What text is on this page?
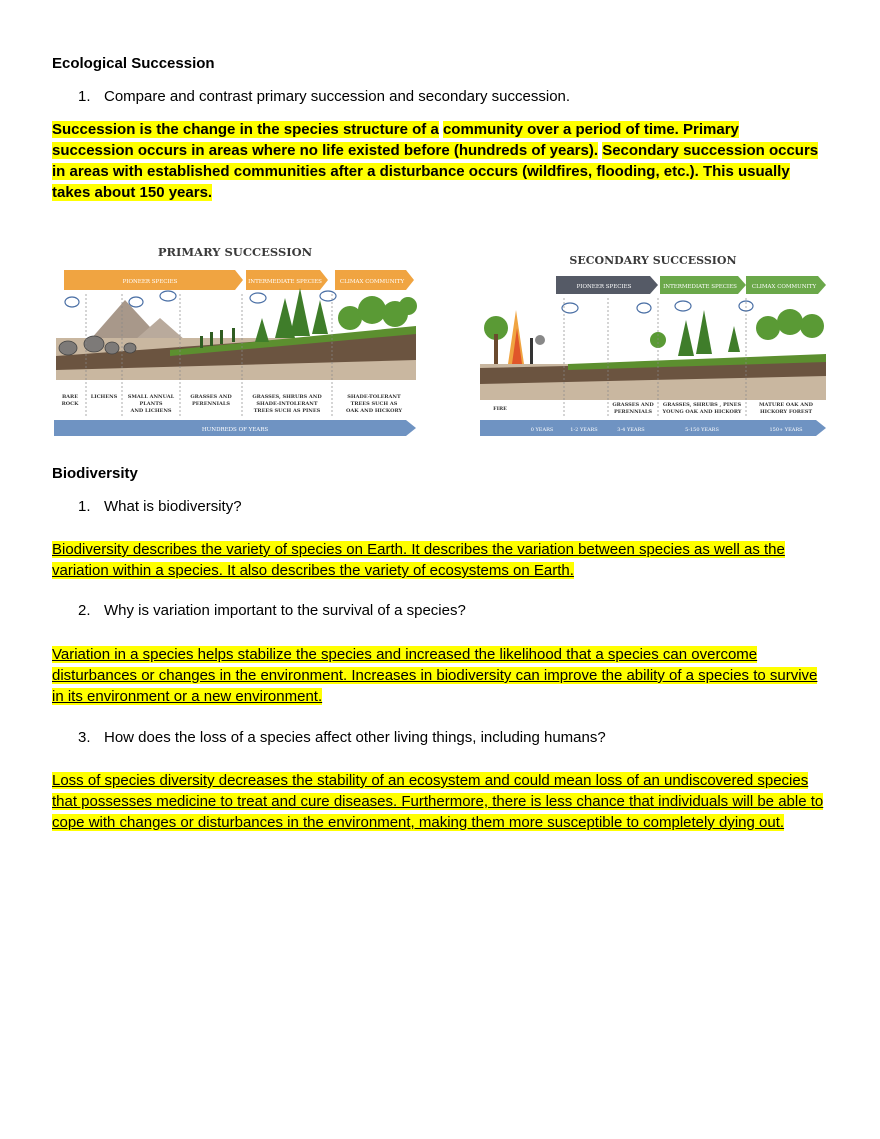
Ecological Succession
1. Compare and contrast primary succession and secondary succession.
Succession is the change in the species structure of a community over a period of time. Primary succession occurs in areas where no life existed before (hundreds of years). Secondary succession occurs in areas with established communities after a disturbance occurs (wildfires, flooding, etc.). This usually takes about 150 years.
PRIMARY SUCCESSION
PIONEER SPECIES	INTERMEDIATE SPECIES	CLIMAX COMMUNITY
BARE
ROCK
LICHENS SMALL ANNUAL
PLANTS
AND LICHENS
GRASSES AND
PERENNIALS
GRASSES, SHRUBS AND
SHADE-INTOLERANT
TREES SUCH AS PINES
SHADE-TOLERANT
TREES SUCH AS
OAK AND HICKORY
HUNDREDS OF YEARS
SECONDARY SUCCESSION
PIONEER SPECIES	INTERMEDIATE SPECIES	CLIMAX COMMUNITY
FIRE
GRASSES AND
PERENNIALS
GRASSES, SHRUBS , PINES
YOUNG OAK AND HICKORY
MATURE OAK AND
HICKORY FOREST
0 YEARS	1-2 YEARS	3-4 YEARS	5-150 YEARS	150+ YEARS
Biodiversity
1. What is biodiversity?
Biodiversity describes the variety of species on Earth. It describes the variation between species as well as the variation within a species. It also describes the variety of ecosystems on Earth.
2. Why is variation important to the survival of a species?
Variation in a species helps stabilize the species and increased the likelihood that a species can overcome disturbances or changes in the environment. Increases in biodiversity can improve the ability of a species to survive in its environment or a new environment.
3. How does the loss of a species affect other living things, including humans?
Loss of species diversity decreases the stability of an ecosystem and could mean loss of an undiscovered species that possesses medicine to treat and cure diseases. Furthermore, there is less chance that individuals will be able to cope with changes or disturbances in the environment, making them more susceptible to completely dying out.
